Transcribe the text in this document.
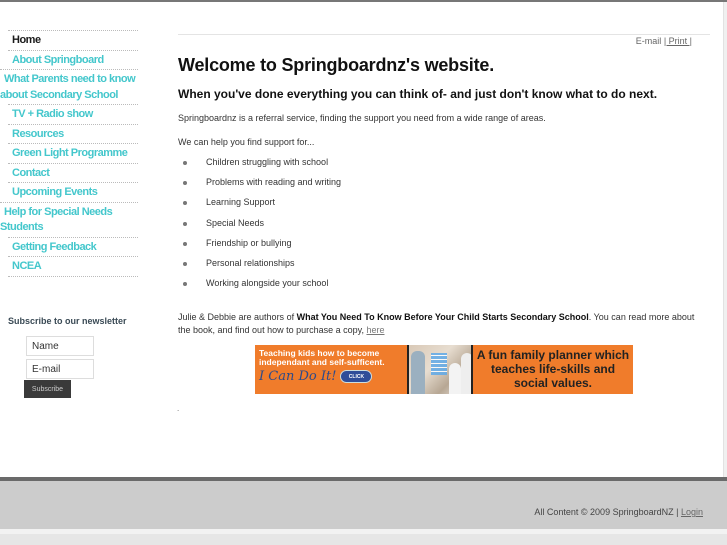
Home
About Springboard
What Parents need to know about Secondary School
TV + Radio show
Resources
Green Light Programme
Contact
Upcoming Events
Help for Special Needs Students
Getting Feedback
NCEA
Subscribe to our newsletter
Name
E-mail
Subscribe
E-mail | Print |
Welcome to Springboardnz's website.
When you've done everything you can think of- and just don't know what to do next.

Springboardnz is a referral service, finding the support you need from a wide range of areas.

We can help you find support for...

Children struggling with school
Problems with reading and writing
Learning Support
Special Needs
Friendship or bullying
Personal relationships
Working alongside your school

Julie & Debbie are authors of What You Need To Know Before Your Child Starts Secondary School. You can read more about the book, and find out how to purchase a copy, here

Teaching kids how to become independant and self-sufficent.
I Can Do It!	CLICK
A fun family planner which teaches life-skills and social values.
.
All Content © 2009 SpringboardNZ | Login
